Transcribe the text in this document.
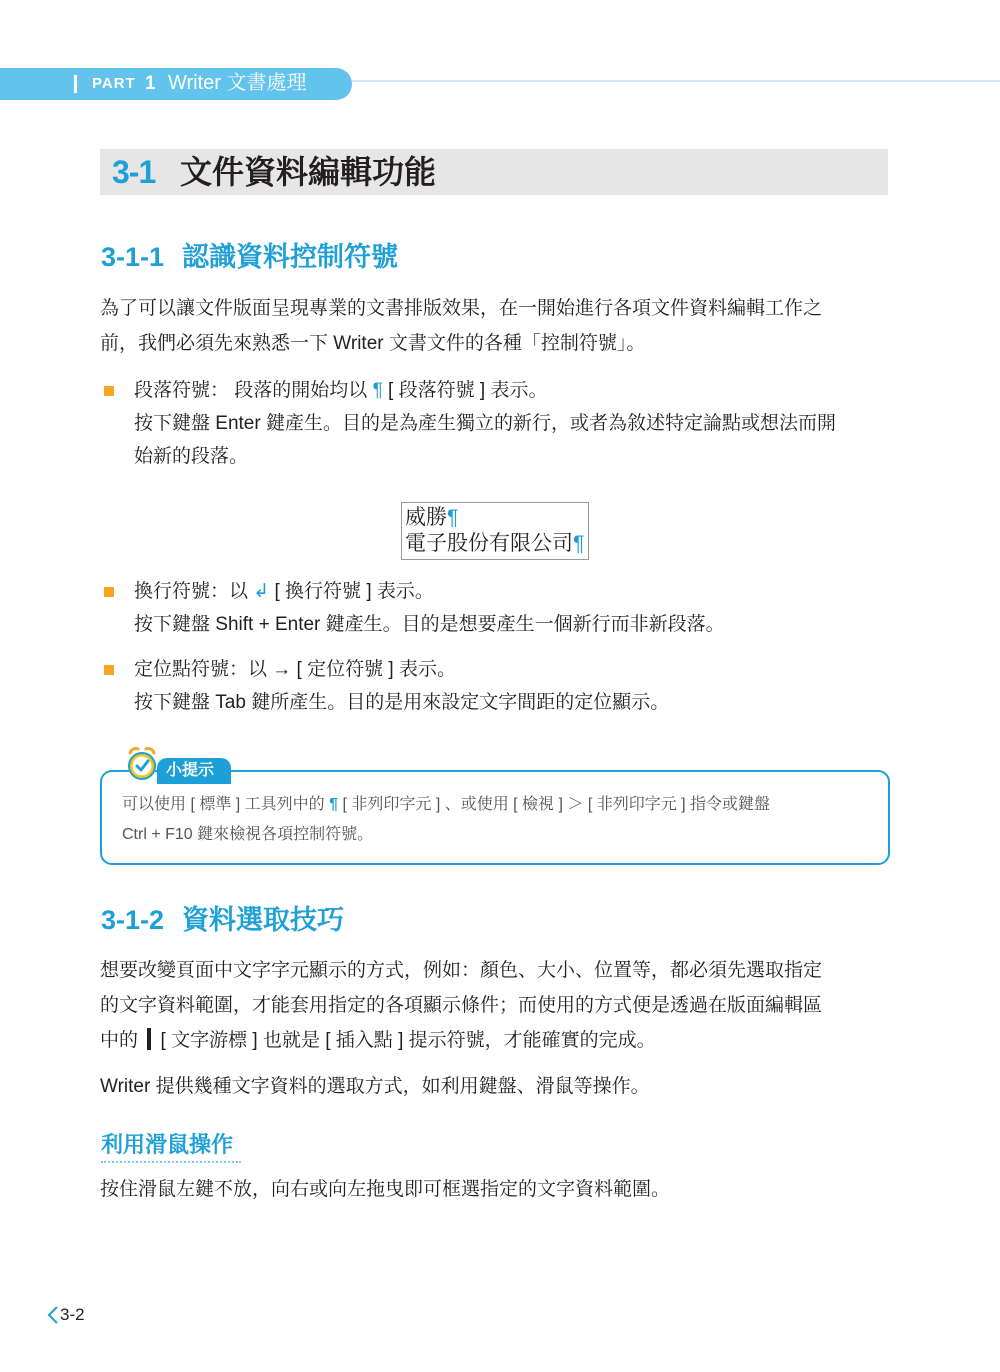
PART 1 Writer 文書處理
3-1 文件資料編輯功能
3-1-1 認識資料控制符號
為了可以讓文件版面呈現專業的文書排版效果，在一開始進行各項文件資料編輯工作之
前，我們必須先來熟悉一下 Writer 文書文件的各種「控制符號」。
段落符號： 段落的開始均以 ¶ [ 段落符號 ] 表示。
按下鍵盤 Enter 鍵產生。目的是為產生獨立的新行，或者為敘述特定論點或想法而開
始新的段落。
威勝¶
電子股份有限公司¶
換行符號：以 ↲ [ 換行符號 ] 表示。
按下鍵盤 Shift + Enter 鍵產生。目的是想要產生一個新行而非新段落。
定位點符號：以 → [ 定位符號 ] 表示。
按下鍵盤 Tab 鍵所產生。目的是用來設定文字間距的定位顯示。
小提示
可以使用 [ 標準 ] 工具列中的 ¶ [ 非列印字元 ] 、或使用 [ 檢視 ] ＞ [ 非列印字元 ] 指令或鍵盤
Ctrl + F10 鍵來檢視各項控制符號。
3-1-2 資料選取技巧
想要改變頁面中文字字元顯示的方式，例如：顏色、大小、位置等，都必須先選取指定
的文字資料範圍，才能套用指定的各項顯示條件；而使用的方式便是透過在版面編輯區
中的  [ 文字游標 ] 也就是 [ 插入點 ] 提示符號，才能確實的完成。
Writer 提供幾種文字資料的選取方式，如利用鍵盤、滑鼠等操作。
利用滑鼠操作
按住滑鼠左鍵不放，向右或向左拖曳即可框選指定的文字資料範圍。
3-2
